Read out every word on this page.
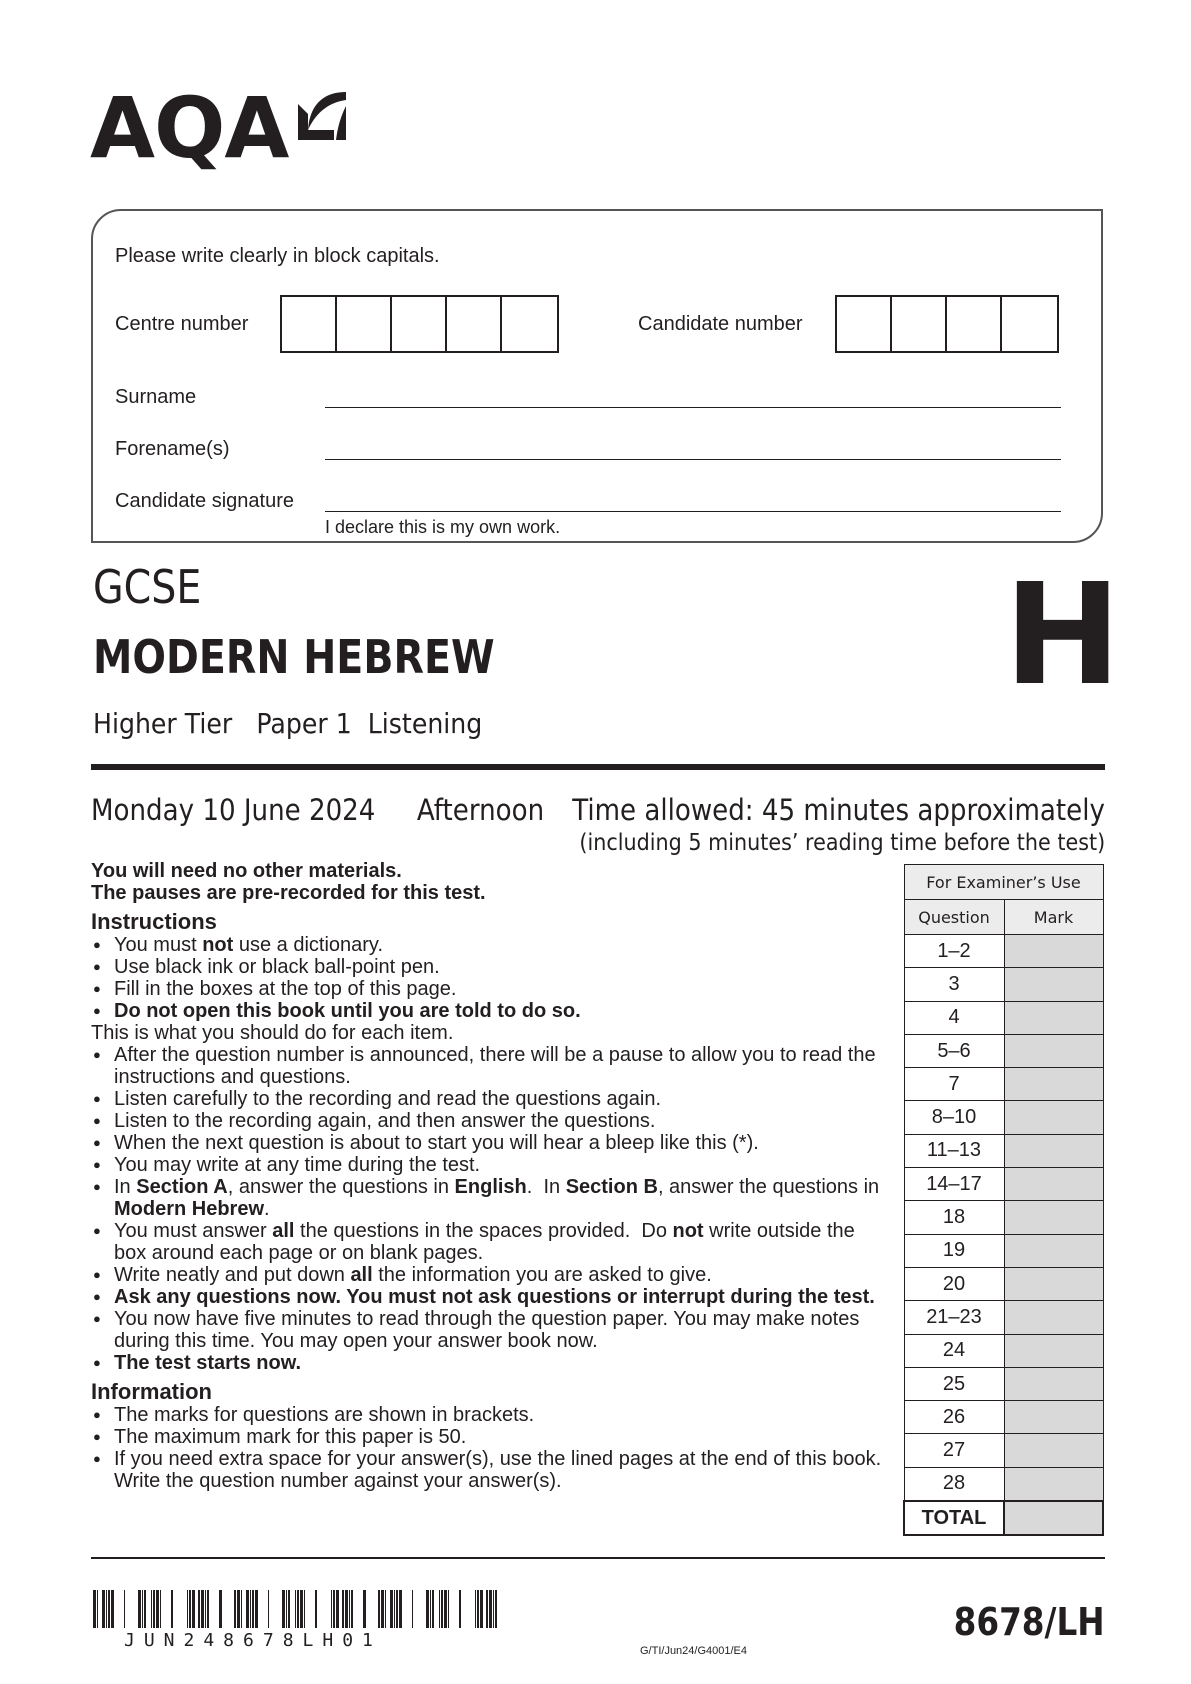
AQA
Please write clearly in block capitals.
Centre number	Candidate number
Surname
Forename(s)
Candidate signature
I declare this is my own work.
GCSE
MODERN HEBREW
Higher Tier Paper 1 Listening
H
Monday 10 June 2024 Afternoon Time allowed: 45 minutes approximately
(including 5 minutes’ reading time before the test)

You will need no other materials.

The pauses are pre-recorded for this test.

Instructions
● You must not use a dictionary.
● Use black ink or black ball-point pen.
● Fill in the boxes at the top of this page.
● Do not open this book until you are told to do so.

This is what you should do for each item.

● After the question number is announced, there will be a pause to allow you to read the instructions and questions.
● Listen carefully to the recording and read the questions again.
● Listen to the recording again, and then answer the questions.
● When the next question is about to start you will hear a bleep like this (*).
● You may write at any time during the test.
● In Section A, answer the questions in English.  In Section B, answer the questions in Modern Hebrew.
● You must answer all the questions in the spaces provided.  Do not write outside the box around each page or on blank pages.
● Write neatly and put down all the information you are asked to give.
● Ask any questions now. You must not ask questions or interrupt during the test.
● You now have five minutes to read through the question paper. You may make notes during this time. You may open your answer book now.
● The test starts now.
Information
● The marks for questions are shown in brackets.
● The maximum mark for this paper is 50.
● If you need extra space for your answer(s), use the lined pages at the end of this book. Write the question number against your answer(s).
For Examiner’s Use	
Question	Mark
1–2	
3	
4	
5–6	
7	
8–10	
11–13	
14–17	
18	
19	
20	
21–23	
24	
25	
26	
27	
28	
TOTAL	
JUN248678LH01	G/TI/Jun24/G4001/E4
8678/LH
